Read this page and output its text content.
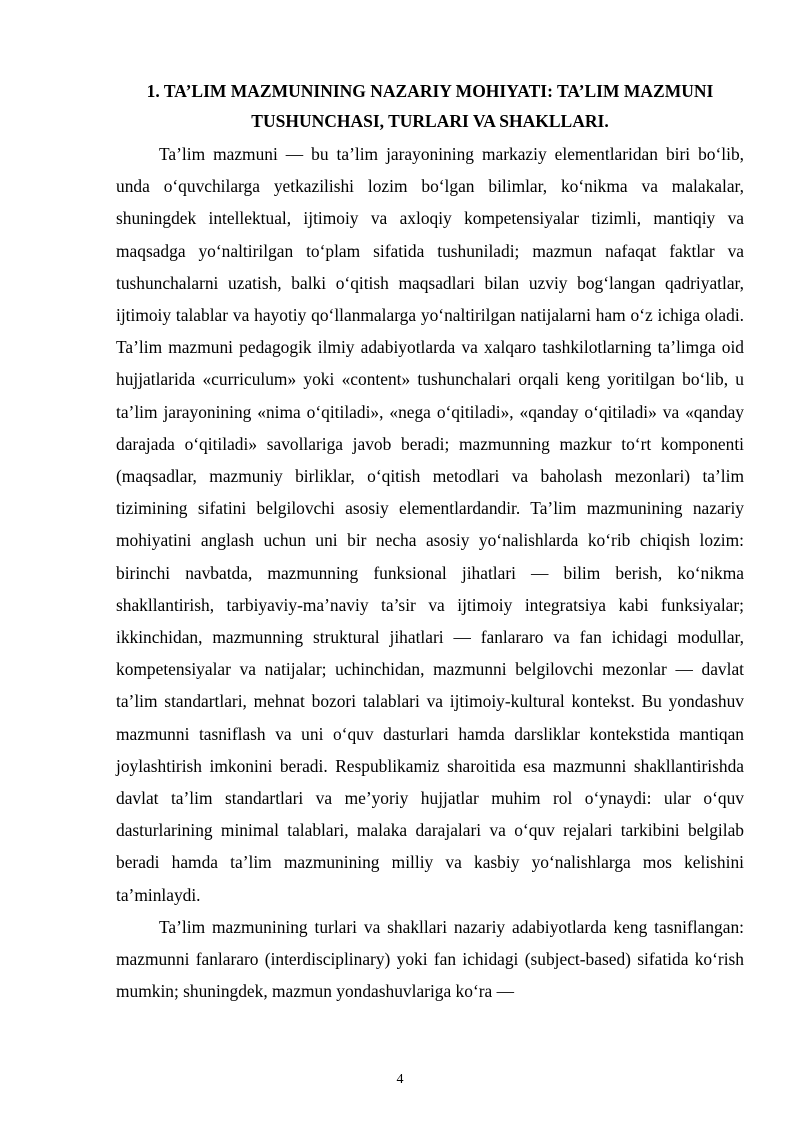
1. TA’LIM MAZMUNINING NAZARIY MOHIYATI: TA’LIM MAZMUNI
TUSHUNCHASI, TURLARI VA SHAKLLARI.

Ta’lim mazmuni — bu ta’lim jarayonining markaziy elementlaridan biri bo‘lib, unda o‘quvchilarga yetkazilishi lozim bo‘lgan bilimlar, ko‘nikma va malakalar, shuningdek intellektual, ijtimoiy va axloqiy kompetensiyalar tizimli, mantiqiy va maqsadga yo‘naltirilgan to‘plam sifatida tushuniladi; mazmun nafaqat faktlar va tushunchalarni uzatish, balki o‘qitish maqsadlari bilan uzviy bog‘langan qadriyatlar, ijtimoiy talablar va hayotiy qo‘llanmalarga yo‘naltirilgan natijalarni ham o‘z ichiga oladi. Ta’lim mazmuni pedagogik ilmiy adabiyotlarda va xalqaro tashkilotlarning ta’limga oid hujjatlarida «curriculum» yoki «content» tushunchalari orqali keng yoritilgan bo‘lib, u ta’lim jarayonining «nima o‘qitiladi», «nega o‘qitiladi», «qanday o‘qitiladi» va «qanday darajada o‘qitiladi» savollariga javob beradi; mazmunning mazkur to‘rt komponenti (maqsadlar, mazmuniy birliklar, o‘qitish metodlari va baholash mezonlari) ta’lim tizimining sifatini belgilovchi asosiy elementlardandir. Ta’lim mazmunining nazariy mohiyatini anglash uchun uni bir necha asosiy yo‘nalishlarda ko‘rib chiqish lozim: birinchi navbatda, mazmunning funksional jihatlari — bilim berish, ko‘nikma shakllantirish, tarbiyaviy-ma’naviy ta’sir va ijtimoiy integratsiya kabi funksiyalar; ikkinchidan, mazmunning struktural jihatlari — fanlararo va fan ichidagi modullar, kompetensiyalar va natijalar; uchinchidan, mazmunni belgilovchi mezonlar — davlat ta’lim standartlari, mehnat bozori talablari va ijtimoiy-kultural kontekst. Bu yondashuv mazmunni tasniflash va uni o‘quv dasturlari hamda darsliklar kontekstida mantiqan joylashtirish imkonini beradi. Respublikamiz sharoitida esa mazmunni shakllantirishda davlat ta’lim standartlari va me’yoriy hujjatlar muhim rol o‘ynaydi: ular o‘quv dasturlarining minimal talablari, malaka darajalari va o‘quv rejalari tarkibini belgilab beradi hamda ta’lim mazmunining milliy va kasbiy yo‘nalishlarga mos kelishini ta’minlaydi.

Ta’lim mazmunining turlari va shakllari nazariy adabiyotlarda keng tasniflangan: mazmunni fanlararo (interdisciplinary) yoki fan ichidagi (subject-based) sifatida ko‘rish mumkin; shuningdek, mazmun yondashuvlariga ko‘ra —

4
